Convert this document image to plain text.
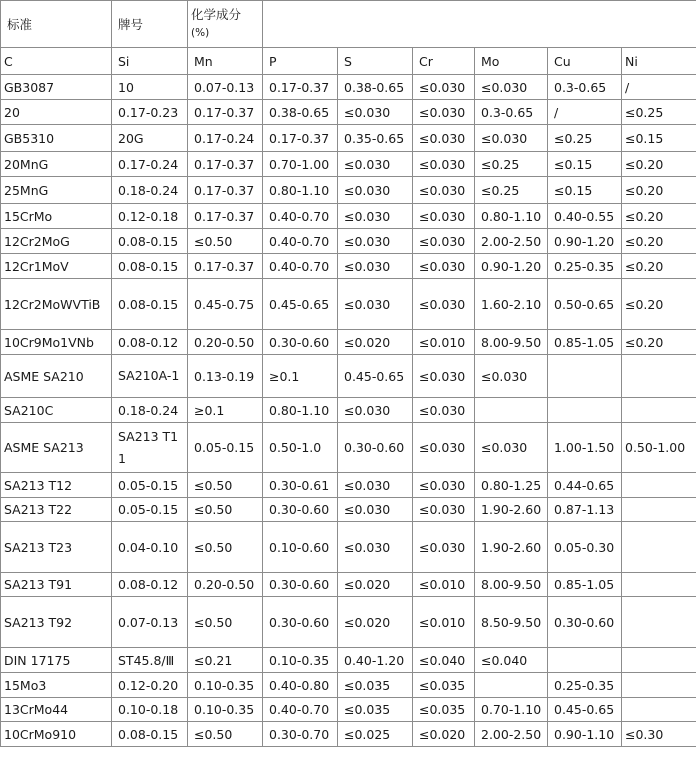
标准	牌号	化学成分
(%)						

C	Si	Mn	P	S	Cr	Mo	Cu	Ni
GB3087	10	0.07-0.13	0.17-0.37	0.38-0.65	≤0.030	≤0.030	0.3-0.65	/
20	0.17-0.23	0.17-0.37	0.38-0.65	≤0.030	≤0.030	0.3-0.65	/	≤0.25
GB5310	20G	0.17-0.24	0.17-0.37	0.35-0.65	≤0.030	≤0.030	≤0.25	≤0.15
20MnG	0.17-0.24	0.17-0.37	0.70-1.00	≤0.030	≤0.030	≤0.25	≤0.15	≤0.20
25MnG	0.18-0.24	0.17-0.37	0.80-1.10	≤0.030	≤0.030	≤0.25	≤0.15	≤0.20
15CrMo	0.12-0.18	0.17-0.37	0.40-0.70	≤0.030	≤0.030	0.80-1.10	0.40-0.55	≤0.20
12Cr2MoG	0.08-0.15	≤0.50	0.40-0.70	≤0.030	≤0.030	2.00-2.50	0.90-1.20	≤0.20
12Cr1MoV	0.08-0.15	0.17-0.37	0.40-0.70	≤0.030	≤0.030	0.90-1.20	0.25-0.35	≤0.20
12Cr2MoWVTiB	0.08-0.15	0.45-0.75	0.45-0.65	≤0.030	≤0.030	1.60-2.10	0.50-0.65	≤0.20
10Cr9Mo1VNb	0.08-0.12	0.20-0.50	0.30-0.60	≤0.020	≤0.010	8.00-9.50	0.85-1.05	≤0.20
ASME SA210	SA210A-1	0.13-0.19	≥0.1	0.45-0.65	≤0.030	≤0.030		
SA210C	0.18-0.24	≥0.1	0.80-1.10	≤0.030	≤0.030			
ASME SA213	SA213 T11	0.05-0.15	0.50-1.0	0.30-0.60	≤0.030	≤0.030	1.00-1.50	0.50-1.00
SA213 T12	0.05-0.15	≤0.50	0.30-0.61	≤0.030	≤0.030	0.80-1.25	0.44-0.65	
SA213 T22	0.05-0.15	≤0.50	0.30-0.60	≤0.030	≤0.030	1.90-2.60	0.87-1.13	
SA213 T23	0.04-0.10	≤0.50	0.10-0.60	≤0.030	≤0.030	1.90-2.60	0.05-0.30	
SA213 T91	0.08-0.12	0.20-0.50	0.30-0.60	≤0.020	≤0.010	8.00-9.50	0.85-1.05	
SA213 T92	0.07-0.13	≤0.50	0.30-0.60	≤0.020	≤0.010	8.50-9.50	0.30-0.60	
DIN 17175	ST45.8/Ⅲ	≤0.21	0.10-0.35	0.40-1.20	≤0.040	≤0.040		
15Mo3	0.12-0.20	0.10-0.35	0.40-0.80	≤0.035	≤0.035		0.25-0.35	
13CrMo44	0.10-0.18	0.10-0.35	0.40-0.70	≤0.035	≤0.035	0.70-1.10	0.45-0.65	
10CrMo910	0.08-0.15	≤0.50	0.30-0.70	≤0.025	≤0.020	2.00-2.50	0.90-1.10	≤0.30
